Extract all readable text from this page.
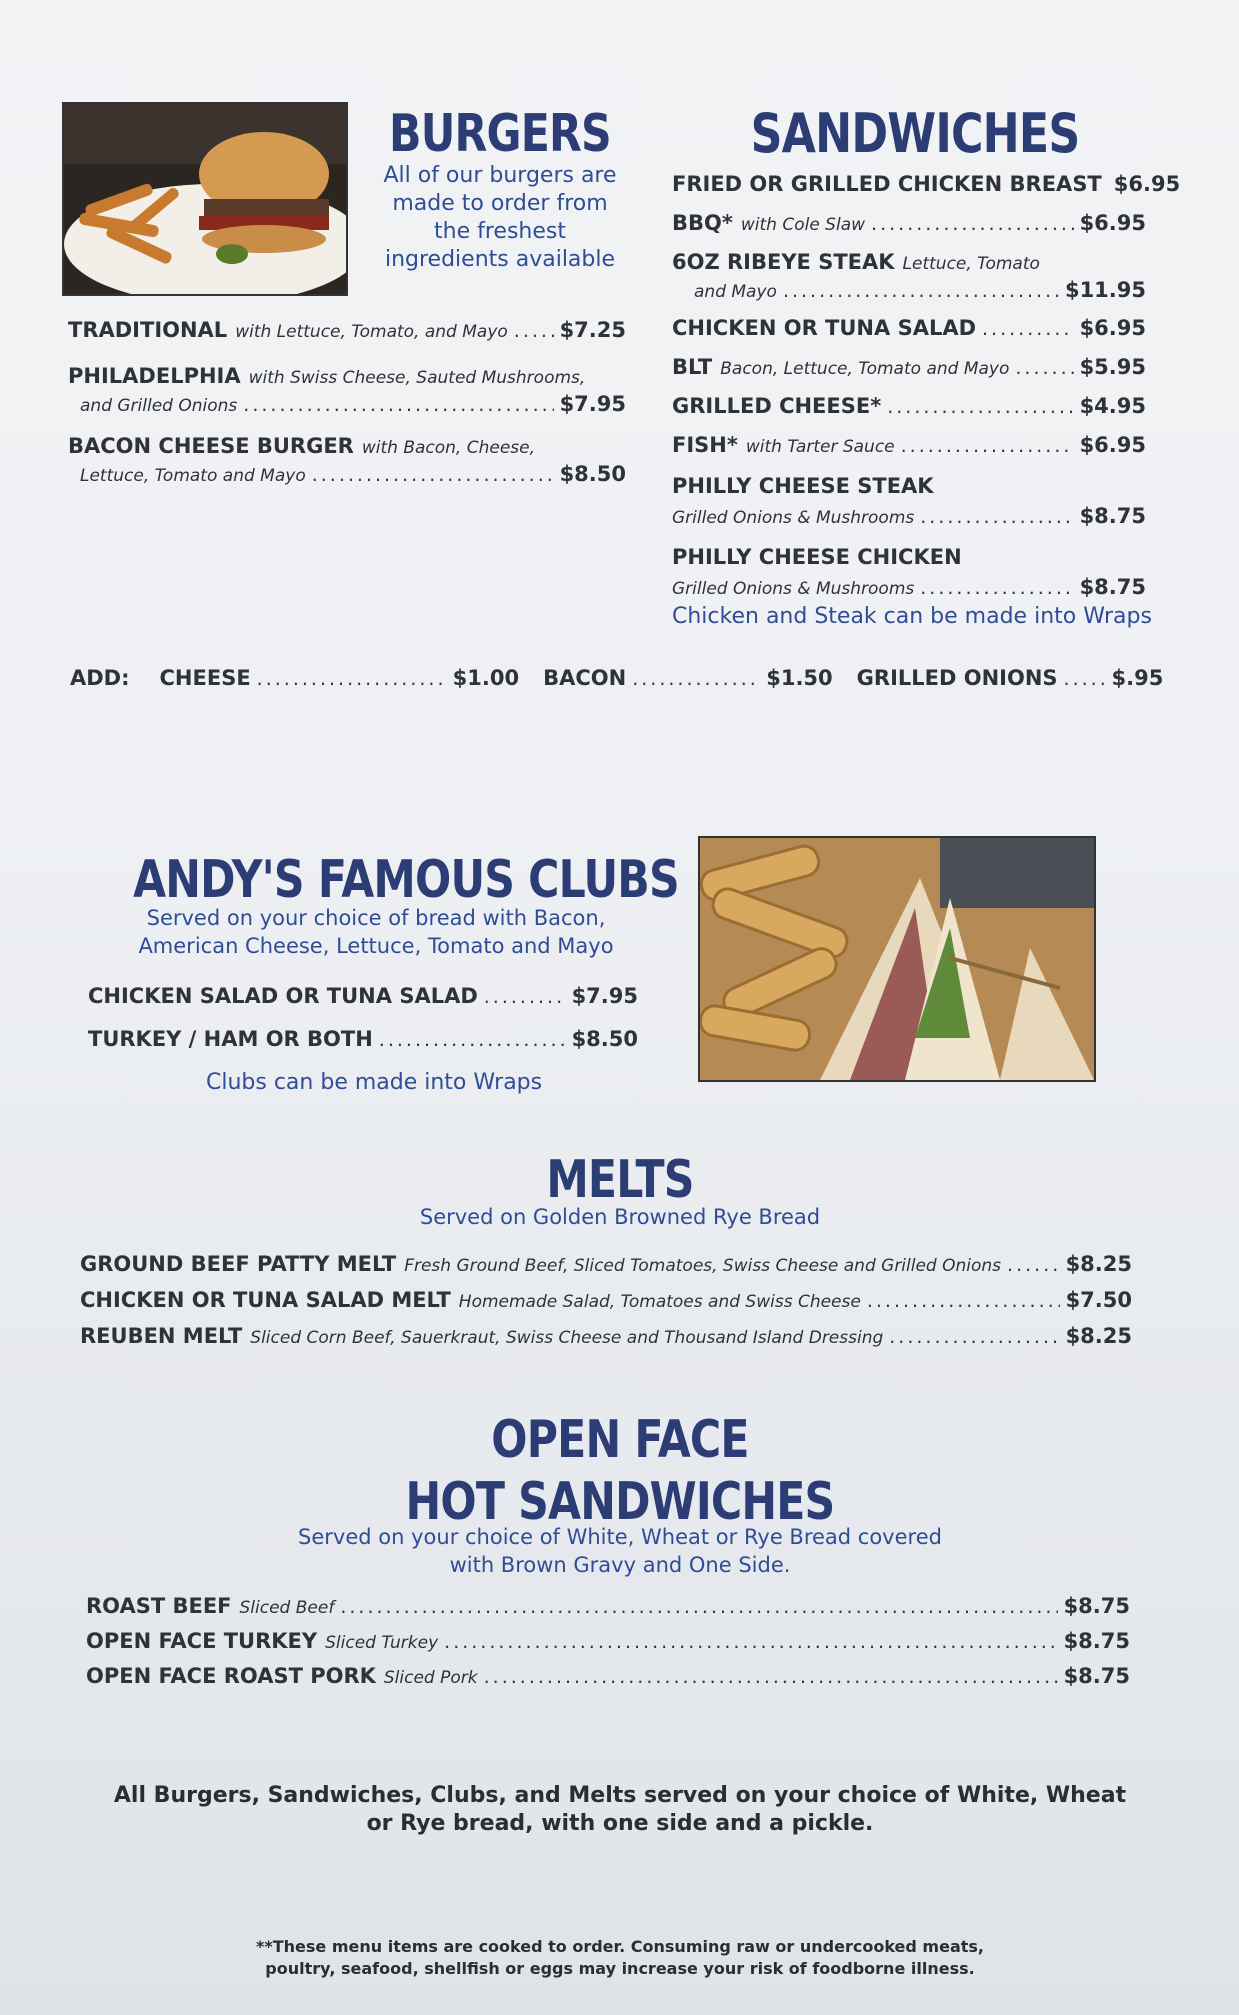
BURGERS
All of our burgers are
made to order from
the freshest
ingredients available
TRADITIONAL with Lettuce, Tomato, and Mayo ..... $7.25
PHILADELPHIA with Swiss Cheese, Sauted Mushrooms,
and Grilled Onions .....	$7.95
BACON CHEESE BURGER with Bacon, Cheese,
Lettuce, Tomato and Mayo .....	$8.50
SANDWICHES
FRIED OR GRILLED CHICKEN BREAST $6.95
BBQ* with Cole Slaw .....	$6.95
6OZ RIBEYE STEAK Lettuce, Tomato
and Mayo .....	$11.95
CHICKEN OR TUNA SALAD .....	$6.95
BLT Bacon, Lettuce, Tomato and Mayo .....	$5.95
GRILLED CHEESE* .....	$4.95
FISH* with Tarter Sauce .....	$6.95
PHILLY CHEESE STEAK
Grilled Onions & Mushrooms .....	$8.75
PHILLY CHEESE CHICKEN
Grilled Onions & Mushrooms .....	$8.75
Chicken and Steak can be made into Wraps
ADD: CHEESE .....	$1.00 BACON .....	$1.50 GRILLED ONIONS .....	$.95
ANDY'S FAMOUS CLUBS
Served on your choice of bread with Bacon,
American Cheese, Lettuce, Tomato and Mayo
CHICKEN SALAD OR TUNA SALAD .....	$7.95
TURKEY / HAM OR BOTH .....	$8.50
Clubs can be made into Wraps
MELTS
Served on Golden Browned Rye Bread
GROUND BEEF PATTY MELT Fresh Ground Beef, Sliced Tomatoes, Swiss Cheese and Grilled Onions .....	$8.25
CHICKEN OR TUNA SALAD MELT Homemade Salad, Tomatoes and Swiss Cheese .....	$7.50
REUBEN MELT Sliced Corn Beef, Sauerkraut, Swiss Cheese and Thousand Island Dressing .....	$8.25
OPEN FACE
HOT SANDWICHES
Served on your choice of White, Wheat or Rye Bread covered
with Brown Gravy and One Side.
ROAST BEEF Sliced Beef .....	$8.75
OPEN FACE TURKEY Sliced Turkey .....	$8.75
OPEN FACE ROAST PORK Sliced Pork .....	$8.75
All Burgers, Sandwiches, Clubs, and Melts served on your choice of White, Wheat
or Rye bread, with one side and a pickle.
**These menu items are cooked to order. Consuming raw or undercooked meats,
poultry, seafood, shellfish or eggs may increase your risk of foodborne illness.
